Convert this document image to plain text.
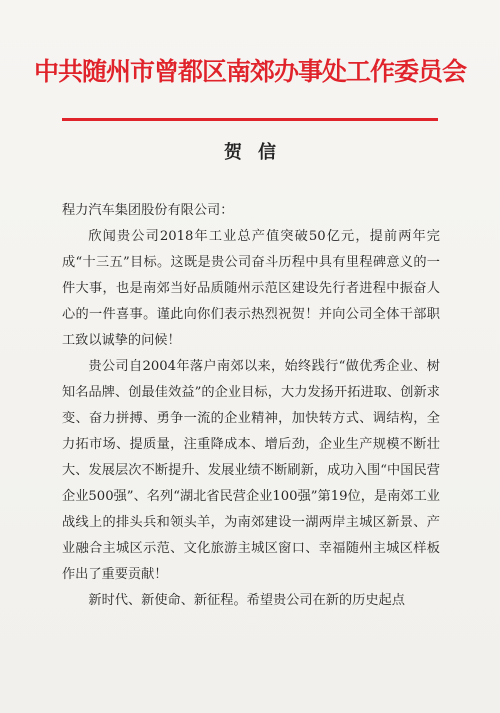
中共随州市曾都区南郊办事处工作委员会
贺信

程力汽车集团股份有限公司：

欣闻贵公司2018年工业总产值突破50亿元，提前两年完成“十三五”目标。这既是贵公司奋斗历程中具有里程碑意义的一件大事，也是南郊当好品质随州示范区建设先行者进程中振奋人心的一件喜事。谨此向你们表示热烈祝贺！并向公司全体干部职工致以诚挚的问候！

贵公司自2004年落户南郊以来，始终践行“做优秀企业、树知名品牌、创最佳效益”的企业目标，大力发扬开拓进取、创新求变、奋力拼搏、勇争一流的企业精神，加快转方式、调结构，全力拓市场、提质量，注重降成本、增后劲，企业生产规模不断壮大、发展层次不断提升、发展业绩不断刷新，成功入围“中国民营企业500强”、名列“湖北省民营企业100强”第19位，是南郊工业战线上的排头兵和领头羊，为南郊建设一湖两岸主城区新景、产业融合主城区示范、文化旅游主城区窗口、幸福随州主城区样板作出了重要贡献！

新时代、新使命、新征程。希望贵公司在新的历史起点
